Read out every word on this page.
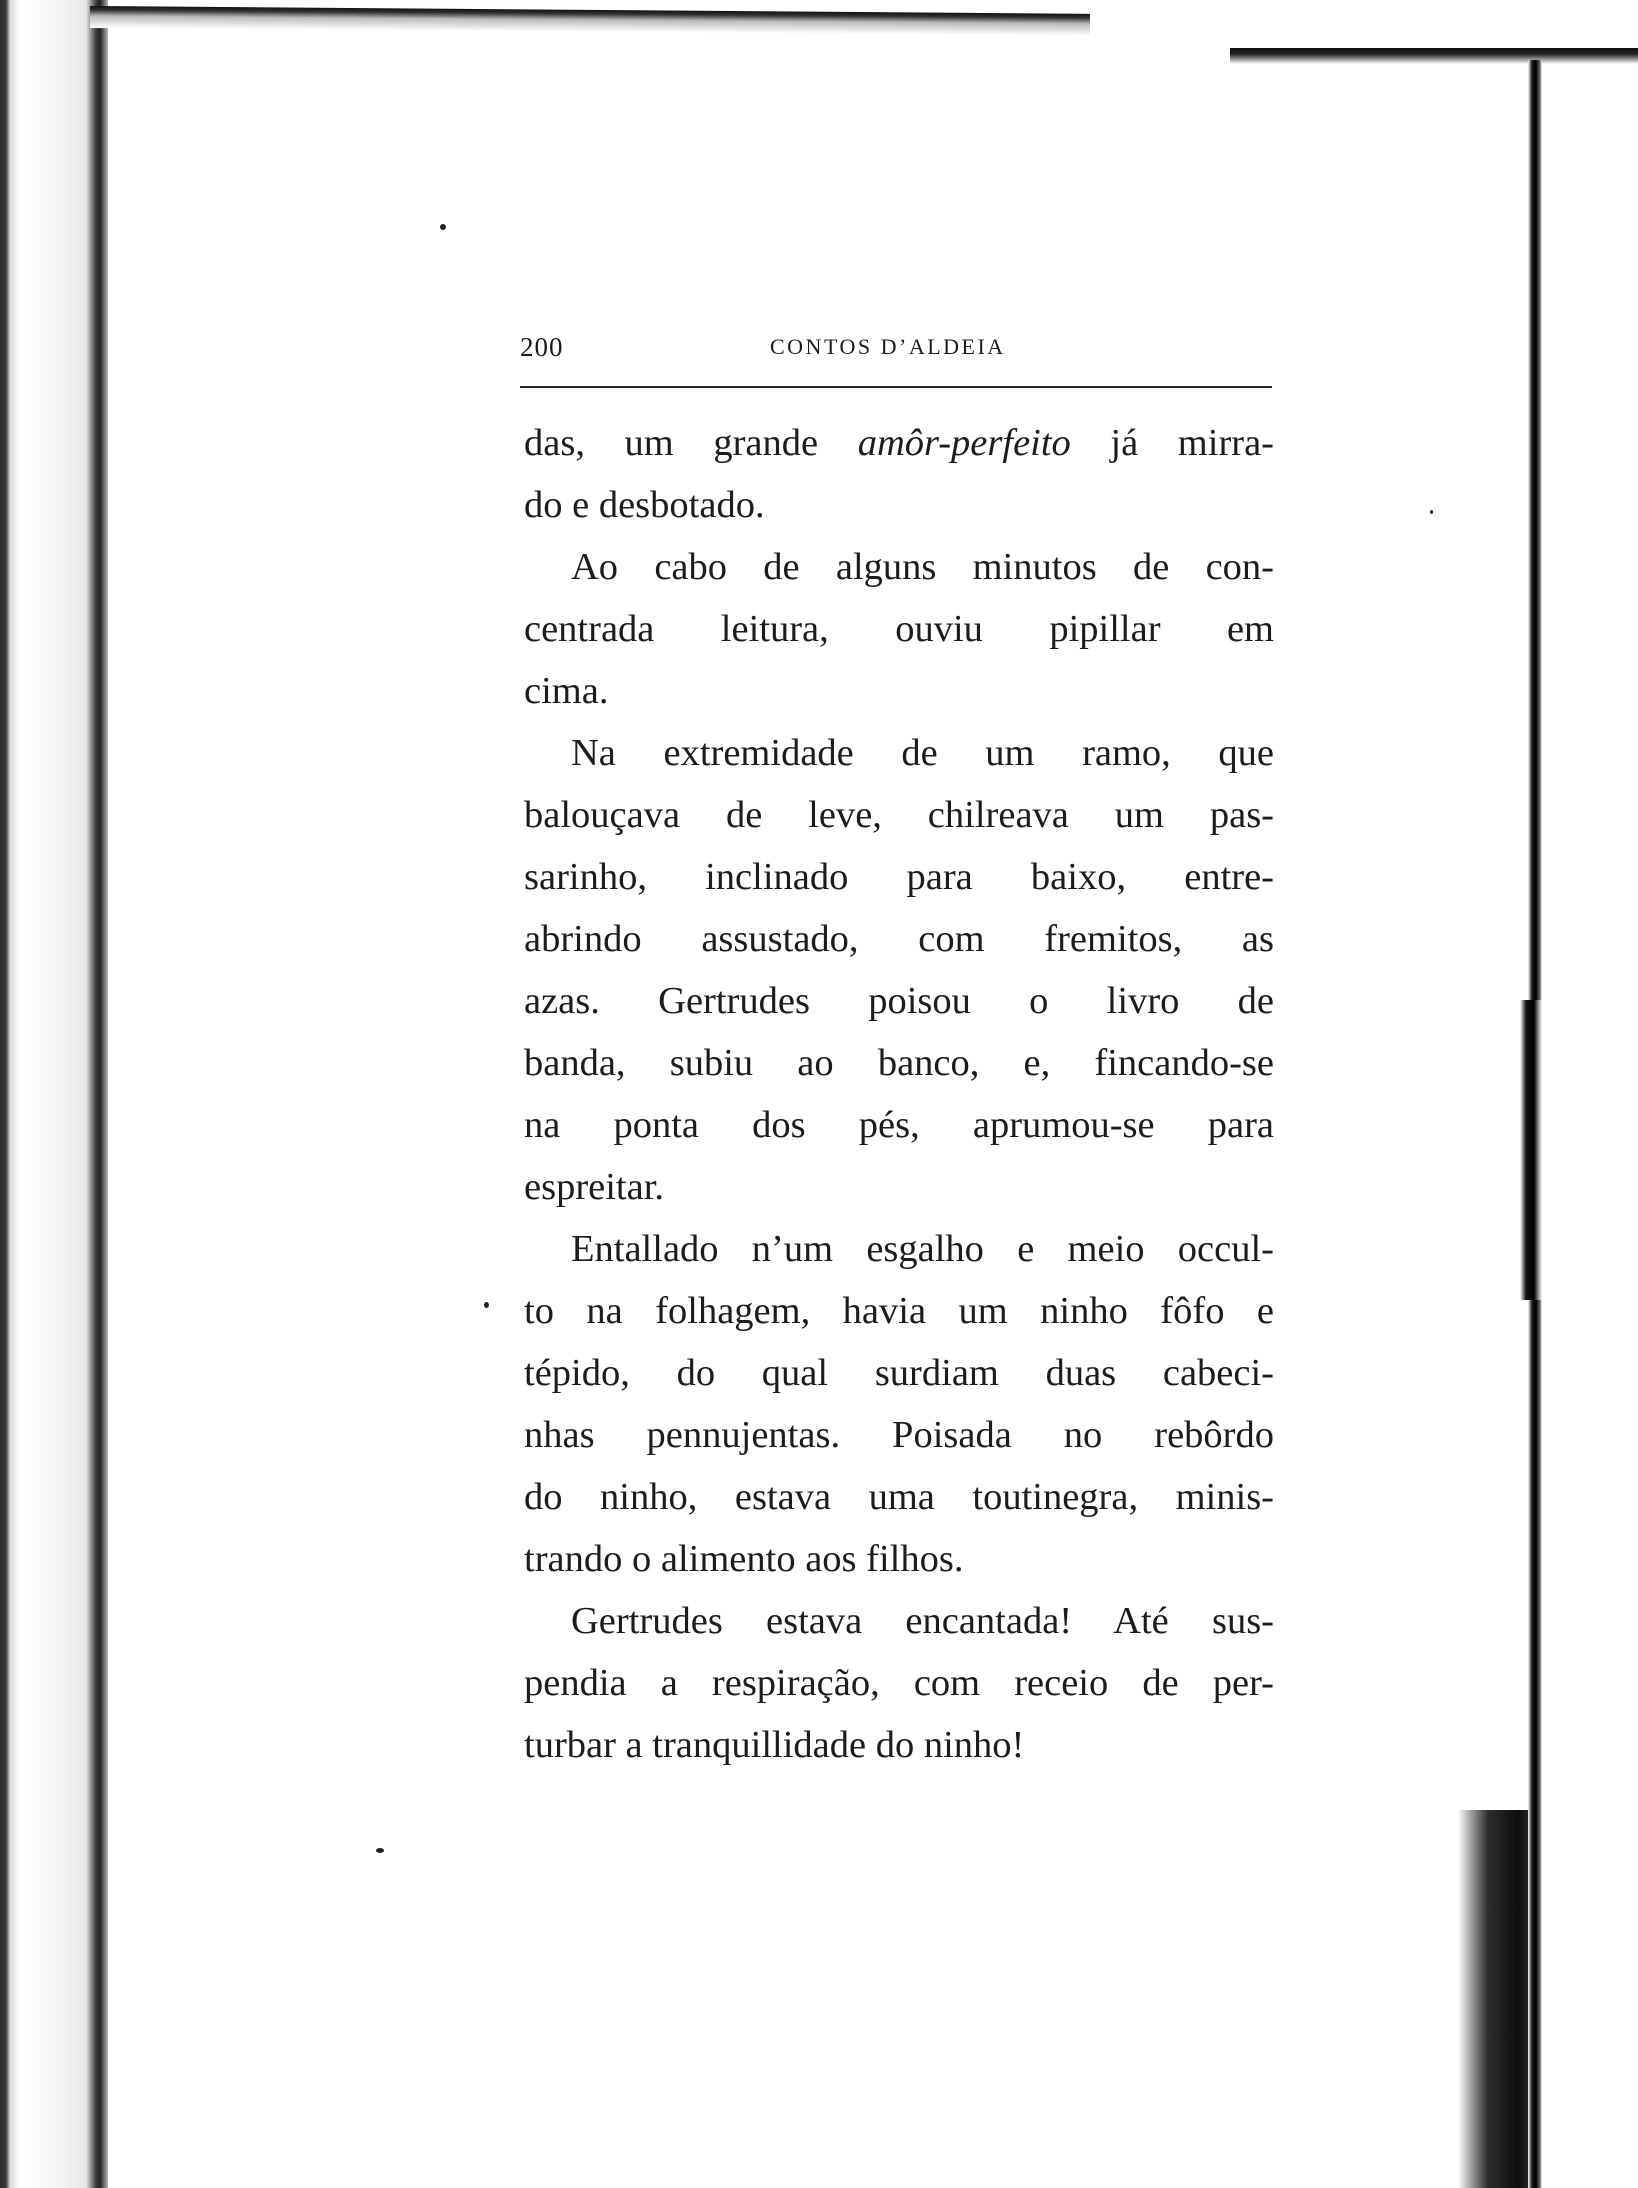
200	CONTOS D’ALDEIA
das, um grande amôr-perfeito já mirra-
do e desbotado.
Ao cabo de alguns minutos de con-
centrada leitura, ouviu pipillar em
cima.
Na extremidade de um ramo, que
balouçava de leve, chilreava um pas-
sarinho, inclinado para baixo, entre-
abrindo assustado, com fremitos, as
azas. Gertrudes poisou o livro de
banda, subiu ao banco, e, fincando-se
na ponta dos pés, aprumou-se para
espreitar.
Entallado n’um esgalho e meio occul-
to na folhagem, havia um ninho fôfo e
tépido, do qual surdiam duas cabeci-
nhas pennujentas. Poisada no rebôrdo
do ninho, estava uma toutinegra, minis-
trando o alimento aos filhos.
Gertrudes estava encantada! Até sus-
pendia a respiração, com receio de per-
turbar a tranquillidade do ninho!
